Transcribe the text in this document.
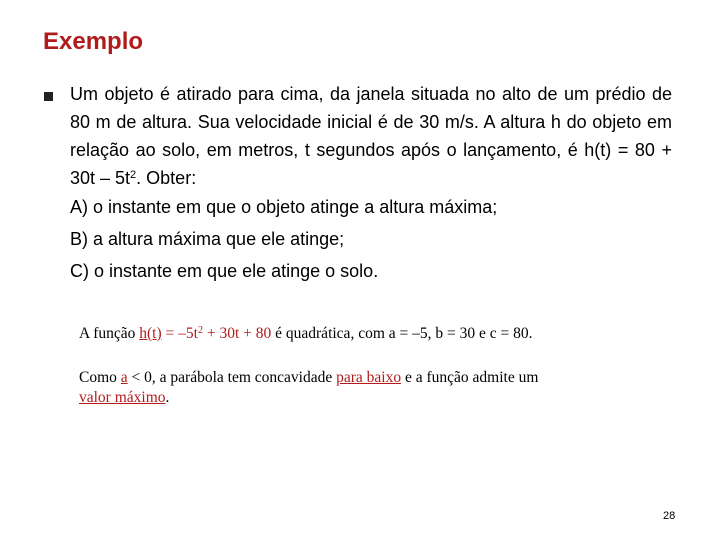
Exemplo

Um objeto é atirado para cima, da janela situada no alto de um prédio de 80 m de altura. Sua velocidade inicial é de 30 m/s. A altura h do objeto em relação ao solo, em metros, t segundos após o lançamento, é $h(t) = 80 + 30t - 5t^2$. Obter:

A) o instante em que o objeto atinge a altura máxima;

B) a altura máxima que ele atinge;

C) o instante em que ele atinge o solo.

A função $h(t) = -5t^2 + 30t + 80$ é quadrática, com a = –5, b = 30 e c = 80.

Como a < 0, a parábola tem concavidade para baixo e a função admite um
valor máximo.

28
